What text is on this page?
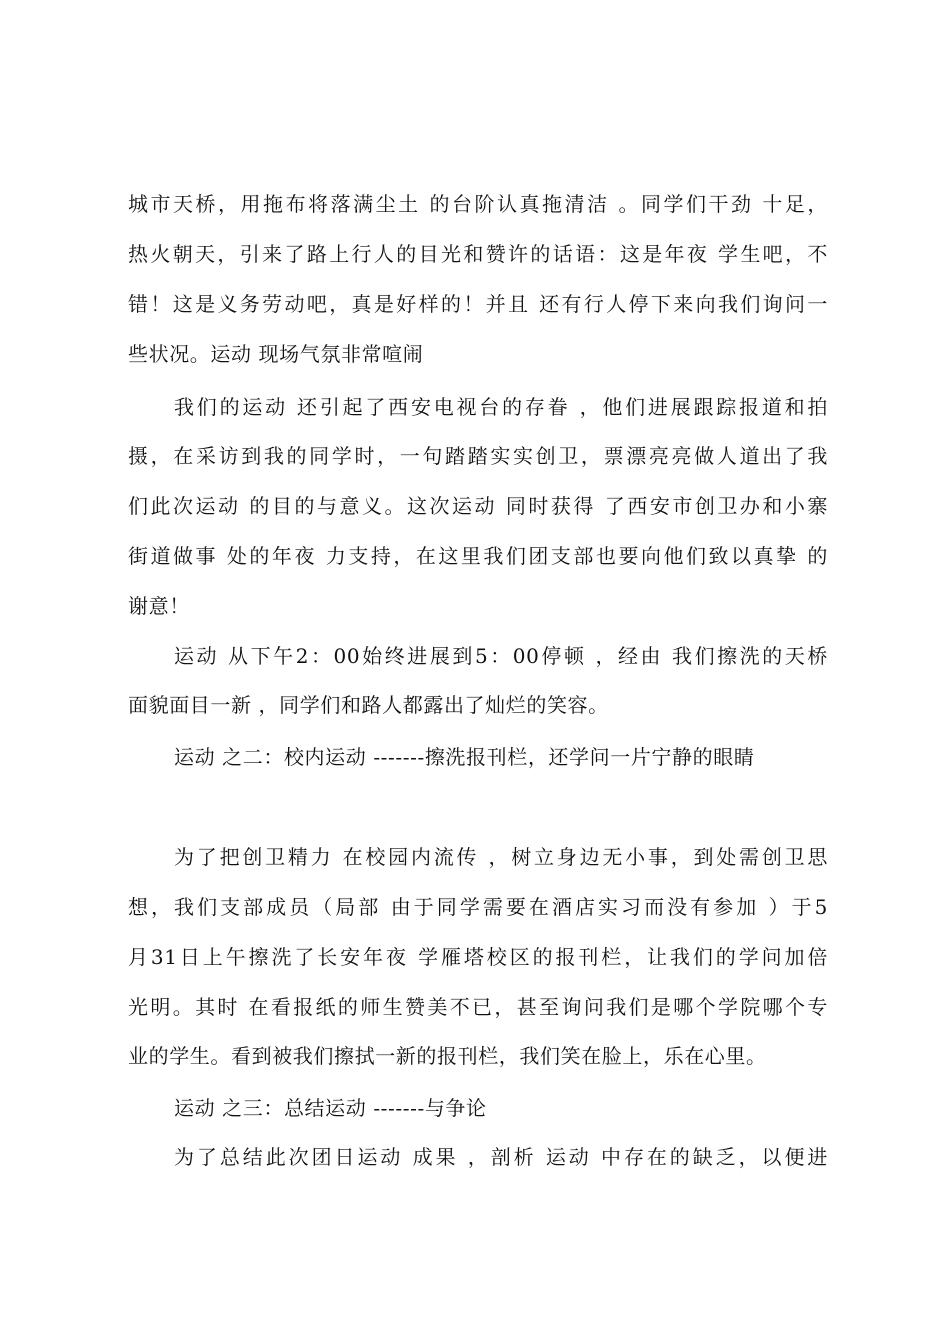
城市天桥，用拖布将落满尘土 的台阶认真拖清洁 。同学们干劲 十足，
热火朝天，引来了路上行人的目光和赞许的话语：这是年夜 学生吧，不
错！这是义务劳动吧，真是好样的！并且 还有行人停下来向我们询问一
些状况。运动 现场气氛非常喧闹
我们的运动 还引起了西安电视台的存眷 ，他们进展跟踪报道和拍
摄，在采访到我的同学时，一句踏踏实实创卫，票漂亮亮做人道出了我
们此次运动 的目的与意义。这次运动 同时获得 了西安市创卫办和小寨
街道做事 处的年夜 力支持，在这里我们团支部也要向他们致以真挚 的
谢意！
运动 从下午2：00始终进展到5：00停顿 ，经由 我们擦洗的天桥
面貌面目一新 ，同学们和路人都露出了灿烂的笑容。
运动 之二：校内运动 -------擦洗报刊栏，还学问一片宁静的眼睛
为了把创卫精力 在校园内流传 ，树立身边无小事，到处需创卫思
想，我们支部成员（局部 由于同学需要在酒店实习而没有参加 ）于5
月31日上午擦洗了长安年夜 学雁塔校区的报刊栏，让我们的学问加倍
光明。其时 在看报纸的师生赞美不已，甚至询问我们是哪个学院哪个专
业的学生。看到被我们擦拭一新的报刊栏，我们笑在脸上，乐在心里。
运动 之三：总结运动 -------与争论
为了总结此次团日运动 成果 ，剖析 运动 中存在的缺乏，以便进
